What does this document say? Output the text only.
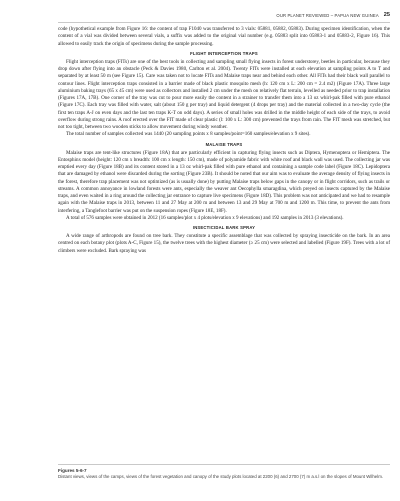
OUR PLANET REVIEWED – PAPUA NEW GUINEA 25

code (hypothetical example from Figure 16: the content of trap F1040 was transferred to 3 vials: 05881, 05882, 05883). During specimen identification, when the content of a vial was divided between several vials, a suffix was added to the original vial number (e.g. 05883 split into 05883-1 and 05883-2, Figure 16). This allowed to easily track the origin of specimens during the sample processing.

FLIGHT INTERCEPTION TRAPS

Flight interception traps (FITs) are one of the best tools in collecting and sampling small flying insects in forest understorey, beetles in particular, because they drop down after flying into an obstacle (Peck & Davies 1980, Carlton et al. 2004). Twenty FITs were installed at each elevation at sampling points A to T and separated by at least 50 m (see Figure 15). Care was taken not to locate FITs and Malaise traps near and behind each other. All FITs had their black wall parallel to contour lines. Flight interception traps consisted in a barrier made of black plastic mosquito mesh (h: 120 cm x L: 200 cm = 2.4 m2) (Figure 17A). Three large aluminium baking trays (65 x 45 cm) were used as collectors and installed 2 cm under the mesh on relatively flat terrain, levelled as needed prior to trap installation (Figures 17A, 17B). One corner of the tray was cut to pour more easily the content in a strainer to transfer them into a 13 oz whirl-pak filled with pure ethanol (Figure 17C). Each tray was filled with water, salt (about 150 g per tray) and liquid detergent (4 drops per tray) and the material collected in a two-day cycle (the first ten traps A-J on even days and the last ten traps K-T on odd days). A series of small holes was drilled in the middle height of each side of the trays, to avoid overflow during strong rains. A roof erected over the FIT made of clear plastic (l: 100 x L: 300 cm) prevented the trays from rain. The FIT mesh was stretched, but not too tight, between two wooden sticks to allow movement during windy weather.

The total number of samples collected was 1440 (20 sampling points x 8 samples/point=160 samples/elevation x 9 sites).

MALAISE TRAPS

Malaise traps are tent-like structures (Figure 18A) that are particularly efficient in capturing flying insects such as Diptera, Hymenoptera or Hemiptera. The Entosphinx model (height: 120 cm x breadth: 100 cm x length: 150 cm), made of polyamide fabric with white roof and black wall was used. The collecting jar was emptied every day (Figure 18B) and its content stored in a 13 oz whirl-pak filled with pure ethanol and containing a sample code label (Figure 18C). Lepidoptera that are damaged by ethanol were discarded during the sorting (Figure 23B). It should be noted that our aim was to evaluate the average density of flying insects in the forest, therefore trap placement was not optimized (as is usually done) by putting Malaise traps below gaps in the canopy or in flight corridors, such as trails or streams. A common annoyance in lowland forests were ants, especially the weaver ant Oecophylla smaragdina, which preyed on insects captured by the Malaise traps, and even waited in a ring around the collecting jar entrance to capture live specimens (Figure 18D). This problem was not anticipated and we had to resample again with the Malaise traps in 2013, between 11 and 27 May at 200 m and between 13 and 29 May at 700 m and 1200 m. This time, to prevent the ants from interfering, a Tanglefoot barrier was put on the suspension ropes (Figure 18E, 18F).

A total of 576 samples were obtained in 2012 (16 samples/plot x 4 plots/elevation x 9 elevations) and 192 samples in 2013 (3 elevations).

INSECTICIDAL BARK SPRAY

A wide range of arthropods are found on tree bark. They constitute a specific assemblage that was collected by spraying insecticide on the bark. In an area centred on each botany plot (plots A-C, Figure 15), the twelve trees with the highest diameter (≥ 25 cm) were selected and labelled (Figure 19F). Trees with a lot of climbers were excluded. Bark spraying was

Figures 5-6-7
Distant views, views of the camps, views of the forest vegetation and canopy of the study plots located at 2200 (6) and 2700 (7) m a.s.l on the slopes of Mount Wilhelm.
